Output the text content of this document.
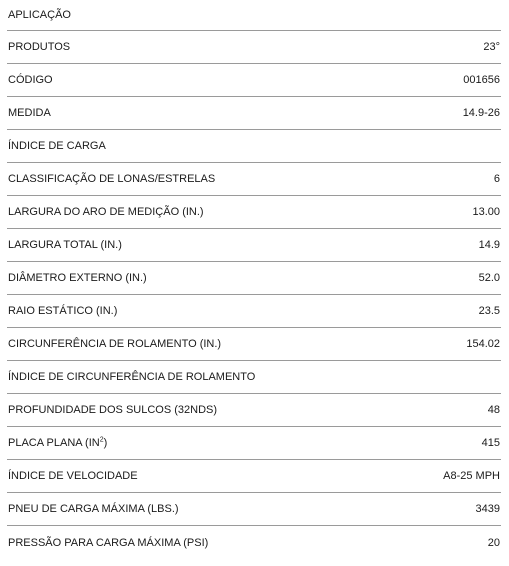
APLICAÇÃO
PRODUTOS	23°
CÓDIGO	001656
MEDIDA	14.9-26
ÍNDICE DE CARGA
CLASSIFICAÇÃO DE LONAS/ESTRELAS	6
LARGURA DO ARO DE MEDIÇÃO (IN.)	13.00
LARGURA TOTAL (IN.)	14.9
DIÂMETRO EXTERNO (IN.)	52.0
RAIO ESTÁTICO (IN.)	23.5
CIRCUNFERÊNCIA DE ROLAMENTO (IN.)	154.02
ÍNDICE DE CIRCUNFERÊNCIA DE ROLAMENTO
PROFUNDIDADE DOS SULCOS (32NDS)	48
PLACA PLANA $(IN^2)$	415
ÍNDICE DE VELOCIDADE	A8-25 MPH
PNEU DE CARGA MÁXIMA (LBS.)	3439
PRESSÃO PARA CARGA MÁXIMA (PSI)	20
